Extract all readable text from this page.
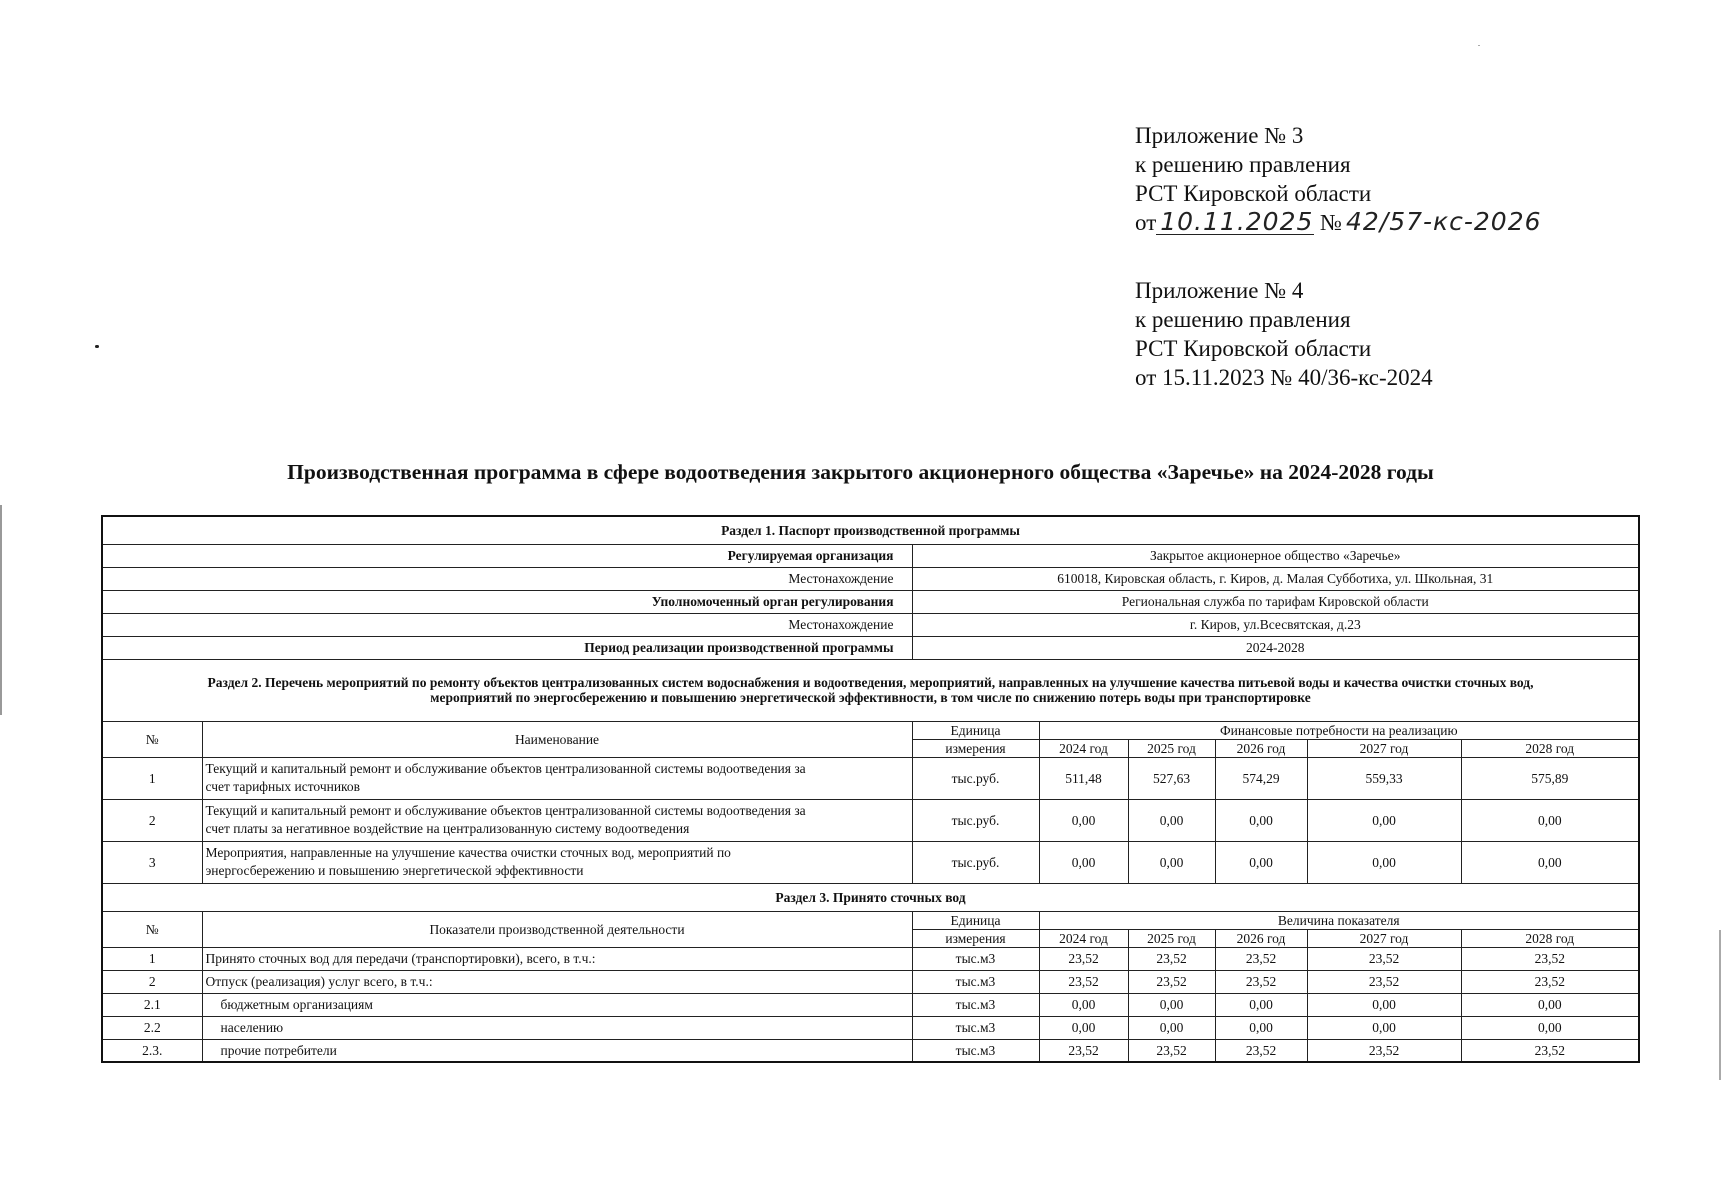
Приложение № 3
к решению правления
РСТ Кировской области
от 10.11.2025 № 42/57-кс-2026
Приложение № 4
к решению правления
РСТ Кировской области
от 15.11.2023 № 40/36-кс-2024
Производственная программа в сфере водоотведения закрытого акционерного общества «Заречье» на 2024-2028 годы
Раздел 1. Паспорт производственной программы							
Регулируемая организация		Закрытое акционерное общество «Заречье»					
Местонахождение		610018, Кировская область, г. Киров, д. Малая Субботиха, ул. Школьная, 31					
Уполномоченный орган регулирования		Региональная служба по тарифам Кировской области					
Местонахождение		г. Киров, ул.Всесвятская, д.23					
Период реализации производственной программы		2024-2028					

Раздел 2. Перечень мероприятий по ремонту объектов централизованных систем водоснабжения и водоотведения, мероприятий, направленных на улучшение качества питьевой воды и качества очистки сточных вод,
мероприятий по энергосбережению и повышению энергетической эффективности, в том числе по снижению потерь воды при транспортировке							

№	Наименование	Единица	Финансовые потребности на реализацию				
		измерения	2024 год	2025 год	2026 год	2027 год	2028 год
1	Текущий и капитальный ремонт и обслуживание объектов централизованной системы водоотведения за
счет тарифных источников	тыс.руб.	511,48	527,63	574,29	559,33	575,89
2	Текущий и капитальный ремонт и обслуживание объектов централизованной системы водоотведения за
счет платы за негативное воздействие на централизованную систему водоотведения	тыс.руб.	0,00	0,00	0,00	0,00	0,00
3	Мероприятия, направленные на улучшение качества очистки сточных вод, мероприятий по
энергосбережению и повышению энергетической эффективности	тыс.руб.	0,00	0,00	0,00	0,00	0,00
Раздел 3. Принято сточных вод							
№	Показатели производственной деятельности	Единица	Величина показателя				
		измерения	2024 год	2025 год	2026 год	2027 год	2028 год
1	Принято сточных вод для передачи (транспортировки), всего, в т.ч.:	тыс.м3	23,52	23,52	23,52	23,52	23,52
2	Отпуск (реализация) услуг всего, в т.ч.:	тыс.м3	23,52	23,52	23,52	23,52	23,52
2.1	бюджетным организациям	тыс.м3	0,00	0,00	0,00	0,00	0,00
2.2	населению	тыс.м3	0,00	0,00	0,00	0,00	0,00
2.3.	прочие потребители	тыс.м3	23,52	23,52	23,52	23,52	23,52
